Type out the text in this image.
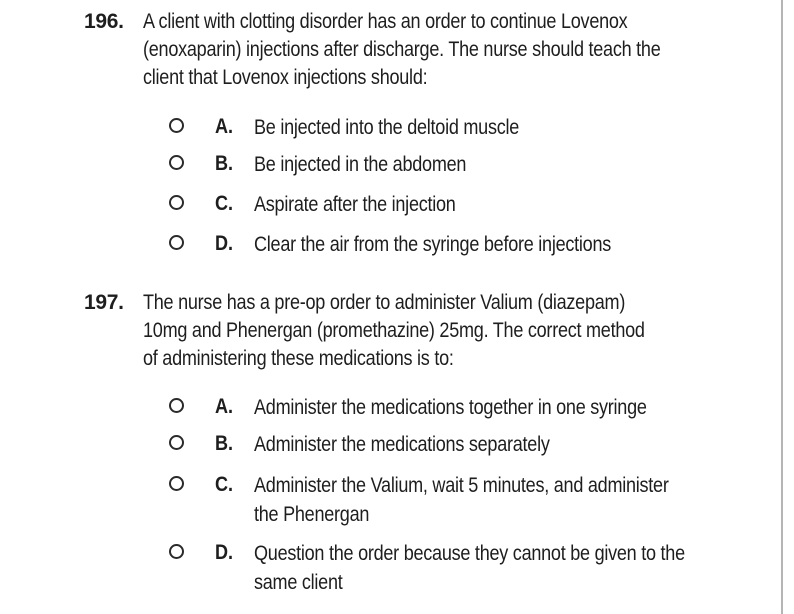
196. A client with clotting disorder has an order to continue Lovenox
(enoxaparin) injections after discharge. The nurse should teach the
client that Lovenox injections should:
A. Be injected into the deltoid muscle
B. Be injected in the abdomen
C. Aspirate after the injection
D. Clear the air from the syringe before injections
197. The nurse has a pre-op order to administer Valium (diazepam)
10mg and Phenergan (promethazine) 25mg. The correct method
of administering these medications is to:
A. Administer the medications together in one syringe
B. Administer the medications separately
C. Administer the Valium, wait 5 minutes, and administer
the Phenergan
D. Question the order because they cannot be given to the
same client
